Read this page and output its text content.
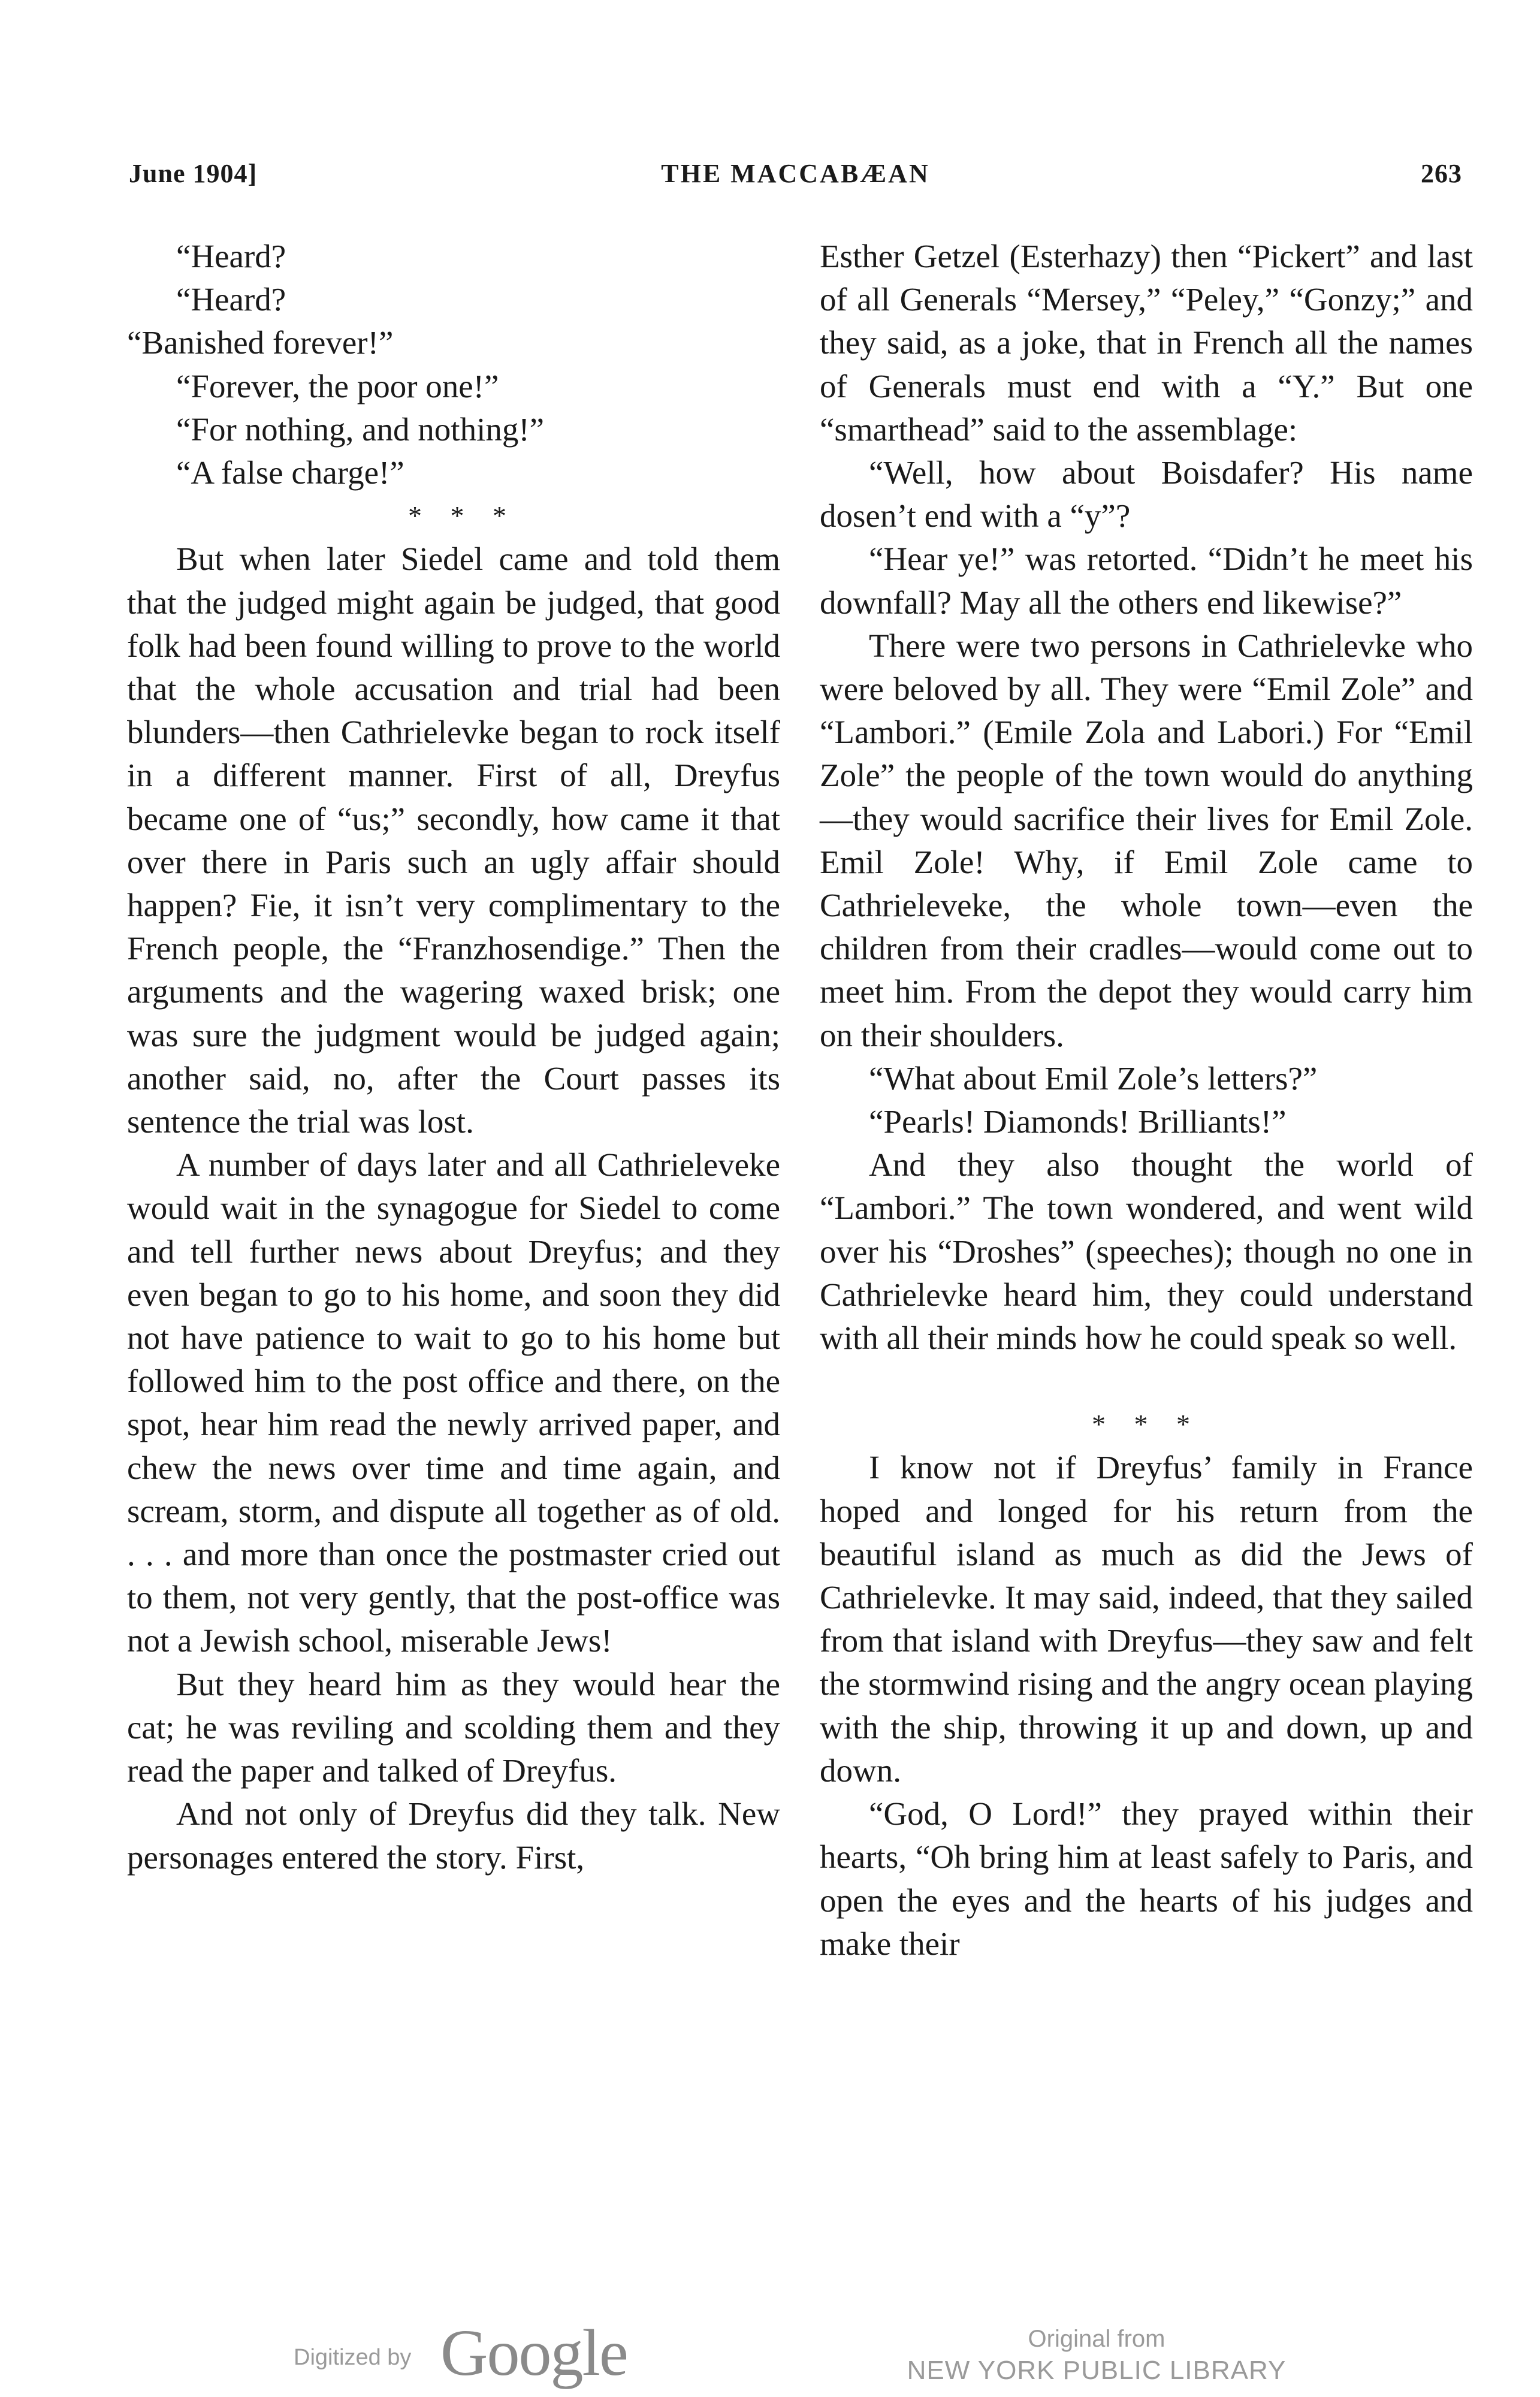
June 1904]	THE MACCABÆAN	263

“Heard?

“Heard?

“Banished forever!”

“Forever, the poor one!”

“For nothing, and nothing!”

“A false charge!”

* * *

But when later Siedel came and told them that the judged might again be judged, that good folk had been found willing to prove to the world that the whole accusation and trial had been blunders—then Cathrielevke began to rock itself in a different manner. First of all, Dreyfus became one of “us;” secondly, how came it that over there in Paris such an ugly affair should happen? Fie, it isn’t very complimentary to the French people, the “Franzhosendige.” Then the arguments and the wagering waxed brisk; one was sure the judgment would be judged again; another said, no, after the Court passes its sentence the trial was lost.

A number of days later and all Cathrieleveke would wait in the synagogue for Siedel to come and tell further news about Dreyfus; and they even began to go to his home, and soon they did not have patience to wait to go to his home but followed him to the post office and there, on the spot, hear him read the newly arrived paper, and chew the news over time and time again, and scream, storm, and dispute all together as of old. . . . and more than once the postmaster cried out to them, not very gently, that the post-office was not a Jewish school, miserable Jews!

But they heard him as they would hear the cat; he was reviling and scolding them and they read the paper and talked of Dreyfus.

And not only of Dreyfus did they talk. New personages entered the story. First,

Esther Getzel (Esterhazy) then “Pickert” and last of all Generals “Mersey,” “Peley,” “Gonzy;” and they said, as a joke, that in French all the names of Generals must end with a “Y.” But one “smarthead” said to the assemblage:

“Well, how about Boisdafer? His name dosen’t end with a “y”?

“Hear ye!” was retorted. “Didn’t he meet his downfall? May all the others end likewise?”

There were two persons in Cathrielevke who were beloved by all. They were “Emil Zole” and “Lambori.” (Emile Zola and Labori.) For “Emil Zole” the people of the town would do anything—they would sacrifice their lives for Emil Zole. Emil Zole! Why, if Emil Zole came to Cathrieleveke, the whole town—even the children from their cradles—would come out to meet him. From the depot they would carry him on their shoulders.

“What about Emil Zole’s letters?”

“Pearls! Diamonds! Brilliants!”

And they also thought the world of “Lambori.” The town wondered, and went wild over his “Droshes” (speeches); though no one in Cathrielevke heard him, they could understand with all their minds how he could speak so well.

* * *

I know not if Dreyfus’ family in France hoped and longed for his return from the beautiful island as much as did the Jews of Cathrielevke. It may said, indeed, that they sailed from that island with Dreyfus—they saw and felt the stormwind rising and the angry ocean playing with the ship, throwing it up and down, up and down.

“God, O Lord!” they prayed within their hearts, “Oh bring him at least safely to Paris, and open the eyes and the hearts of his judges and make their

Digitized by Google	Original from
NEW YORK PUBLIC LIBRARY
